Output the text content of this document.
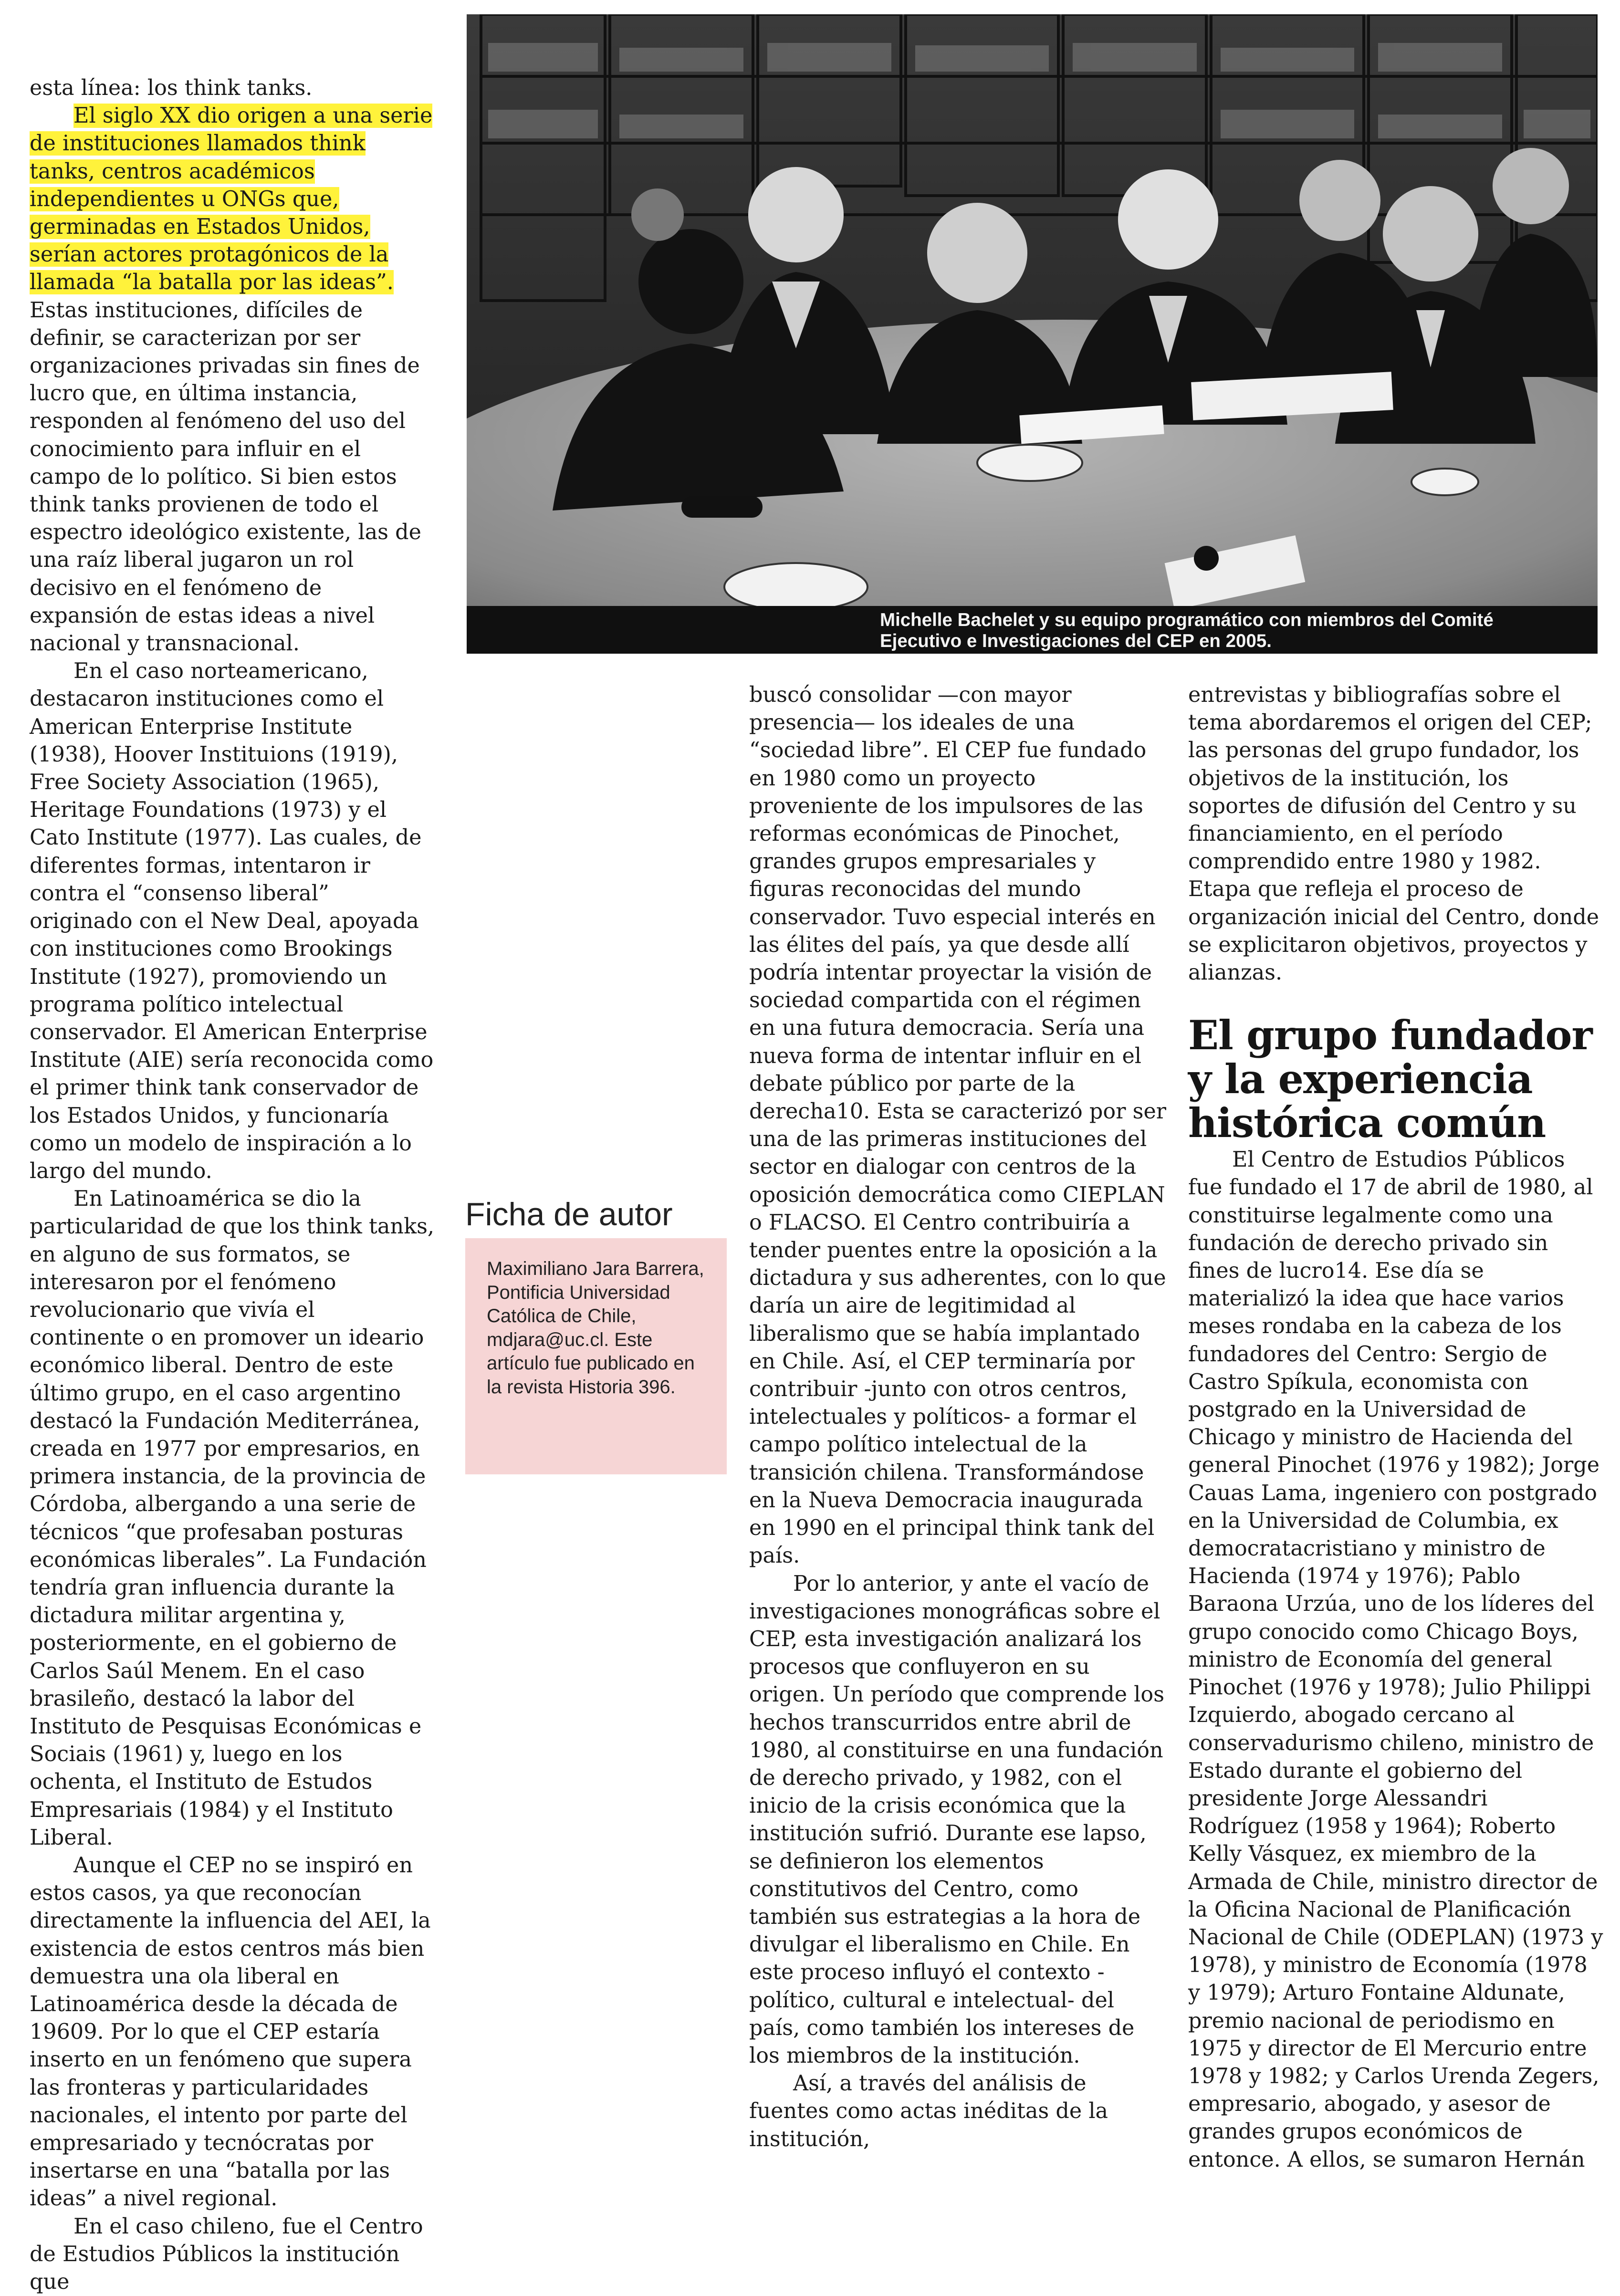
esta línea: los think tanks.

El siglo XX dio origen a una serie de instituciones llamados think tanks, centros académicos independientes u ONGs que, germinadas en Estados Unidos, serían actores protagónicos de la llamada “la batalla por las ideas”. Estas instituciones, difíciles de definir, se caracterizan por ser organizaciones privadas sin fines de lucro que, en última instancia, responden al fenómeno del uso del conocimiento para influir en el campo de lo político. Si bien estos think tanks provienen de todo el espectro ideológico existente, las de una raíz liberal jugaron un rol decisivo en el fenómeno de expansión de estas ideas a nivel nacional y transnacional.

En el caso norteamericano, destacaron instituciones como el American Enterprise Institute (1938), Hoover Instituions (1919), Free Society Association (1965), Heritage Foundations (1973) y el Cato Institute (1977). Las cuales, de diferentes formas, intentaron ir contra el “consenso liberal” originado con el New Deal, apoyada con instituciones como Brookings Institute (1927), promoviendo un programa político intelectual conservador. El American Enterprise Institute (AIE) sería reconocida como el primer think tank conservador de los Estados Unidos, y funcionaría como un modelo de inspiración a lo largo del mundo.

En Latinoamérica se dio la particularidad de que los think tanks, en alguno de sus formatos, se interesaron por el fenómeno revolucionario que vivía el continente o en promover un ideario económico liberal. Dentro de este último grupo, en el caso argentino destacó la Fundación Mediterránea, creada en 1977 por empresarios, en primera instancia, de la provincia de Córdoba, albergando a una serie de técnicos “que profesaban posturas económicas liberales”. La Fundación tendría gran influencia durante la dictadura militar argentina y, posteriormente, en el gobierno de Carlos Saúl Menem. En el caso brasileño, destacó la labor del Instituto de Pesquisas Económicas e Sociais (1961) y, luego en los ochenta, el Instituto de Estudos Empresariais (1984) y el Instituto Liberal.

Aunque el CEP no se inspiró en estos casos, ya que reconocían directamente la influencia del AEI, la existencia de estos centros más bien demuestra una ola liberal en Latinoamérica desde la década de 19609. Por lo que el CEP estaría inserto en un fenómeno que supera las fronteras y particularidades nacionales, el intento por parte del empresariado y tecnócratas por insertarse en una “batalla por las ideas” a nivel regional.

En el caso chileno, fue el Centro de Estudios Públicos la institución que

Michelle Bachelet y su equipo programático con miembros del Comité
Ejecutivo e Investigaciones del CEP en 2005.
Ficha de autor
Maximiliano Jara Barrera, Pontificia Universidad Católica de Chile, mdjara@uc.cl. Este artículo fue publicado en la revista Historia 396.

buscó consolidar —con mayor presencia— los ideales de una “sociedad libre”. El CEP fue fundado en 1980 como un proyecto proveniente de los impulsores de las reformas económicas de Pinochet, grandes grupos empresariales y figuras reconocidas del mundo conservador. Tuvo especial interés en las élites del país, ya que desde allí podría intentar proyectar la visión de sociedad compartida con el régimen en una futura democracia. Sería una nueva forma de intentar influir en el debate público por parte de la derecha10. Esta se caracterizó por ser una de las primeras instituciones del sector en dialogar con centros de la oposición democrática como CIEPLAN o FLACSO. El Centro contribuiría a tender puentes entre la oposición a la dictadura y sus adherentes, con lo que daría un aire de legitimidad al liberalismo que se había implantado en Chile. Así, el CEP terminaría por contribuir -junto con otros centros, intelectuales y políticos- a formar el campo político intelectual de la transición chilena. Transformándose en la Nueva Democracia inaugurada en 1990 en el principal think tank del país.

Por lo anterior, y ante el vacío de investigaciones monográficas sobre el CEP, esta investigación analizará los procesos que confluyeron en su origen. Un período que comprende los hechos transcurridos entre abril de 1980, al constituirse en una fundación de derecho privado, y 1982, con el inicio de la crisis económica que la institución sufrió. Durante ese lapso, se definieron los elementos constitutivos del Centro, como también sus estrategias a la hora de divulgar el liberalismo en Chile. En este proceso influyó el contexto -político, cultural e intelectual- del país, como también los intereses de los miembros de la institución.

Así, a través del análisis de fuentes como actas inéditas de la institución,

entrevistas y bibliografías sobre el tema abordaremos el origen del CEP; las personas del grupo fundador, los objetivos de la institución, los soportes de difusión del Centro y su financiamiento, en el período comprendido entre 1980 y 1982. Etapa que refleja el proceso de organización inicial del Centro, donde se explicitaron objetivos, proyectos y alianzas.

El grupo fundador y la experiencia histórica común

El Centro de Estudios Públicos fue fundado el 17 de abril de 1980, al constituirse legalmente como una fundación de derecho privado sin fines de lucro14. Ese día se materializó la idea que hace varios meses rondaba en la cabeza de los fundadores del Centro: Sergio de Castro Spíkula, economista con postgrado en la Universidad de Chicago y ministro de Hacienda del general Pinochet (1976 y 1982); Jorge Cauas Lama, ingeniero con postgrado en la Universidad de Columbia, ex democratacristiano y ministro de Hacienda (1974 y 1976); Pablo Baraona Urzúa, uno de los líderes del grupo conocido como Chicago Boys, ministro de Economía del general Pinochet (1976 y 1978); Julio Philippi Izquierdo, abogado cercano al conservadurismo chileno, ministro de Estado durante el gobierno del presidente Jorge Alessandri Rodríguez (1958 y 1964); Roberto Kelly Vásquez, ex miembro de la Armada de Chile, ministro director de la Oficina Nacional de Planificación Nacional de Chile (ODEPLAN) (1973 y 1978), y ministro de Economía (1978 y 1979); Arturo Fontaine Aldunate, premio nacional de periodismo en 1975 y director de El Mercurio entre 1978 y 1982; y Carlos Urenda Zegers, empresario, abogado, y asesor de grandes grupos económicos de entonce. A ellos, se sumaron Hernán
